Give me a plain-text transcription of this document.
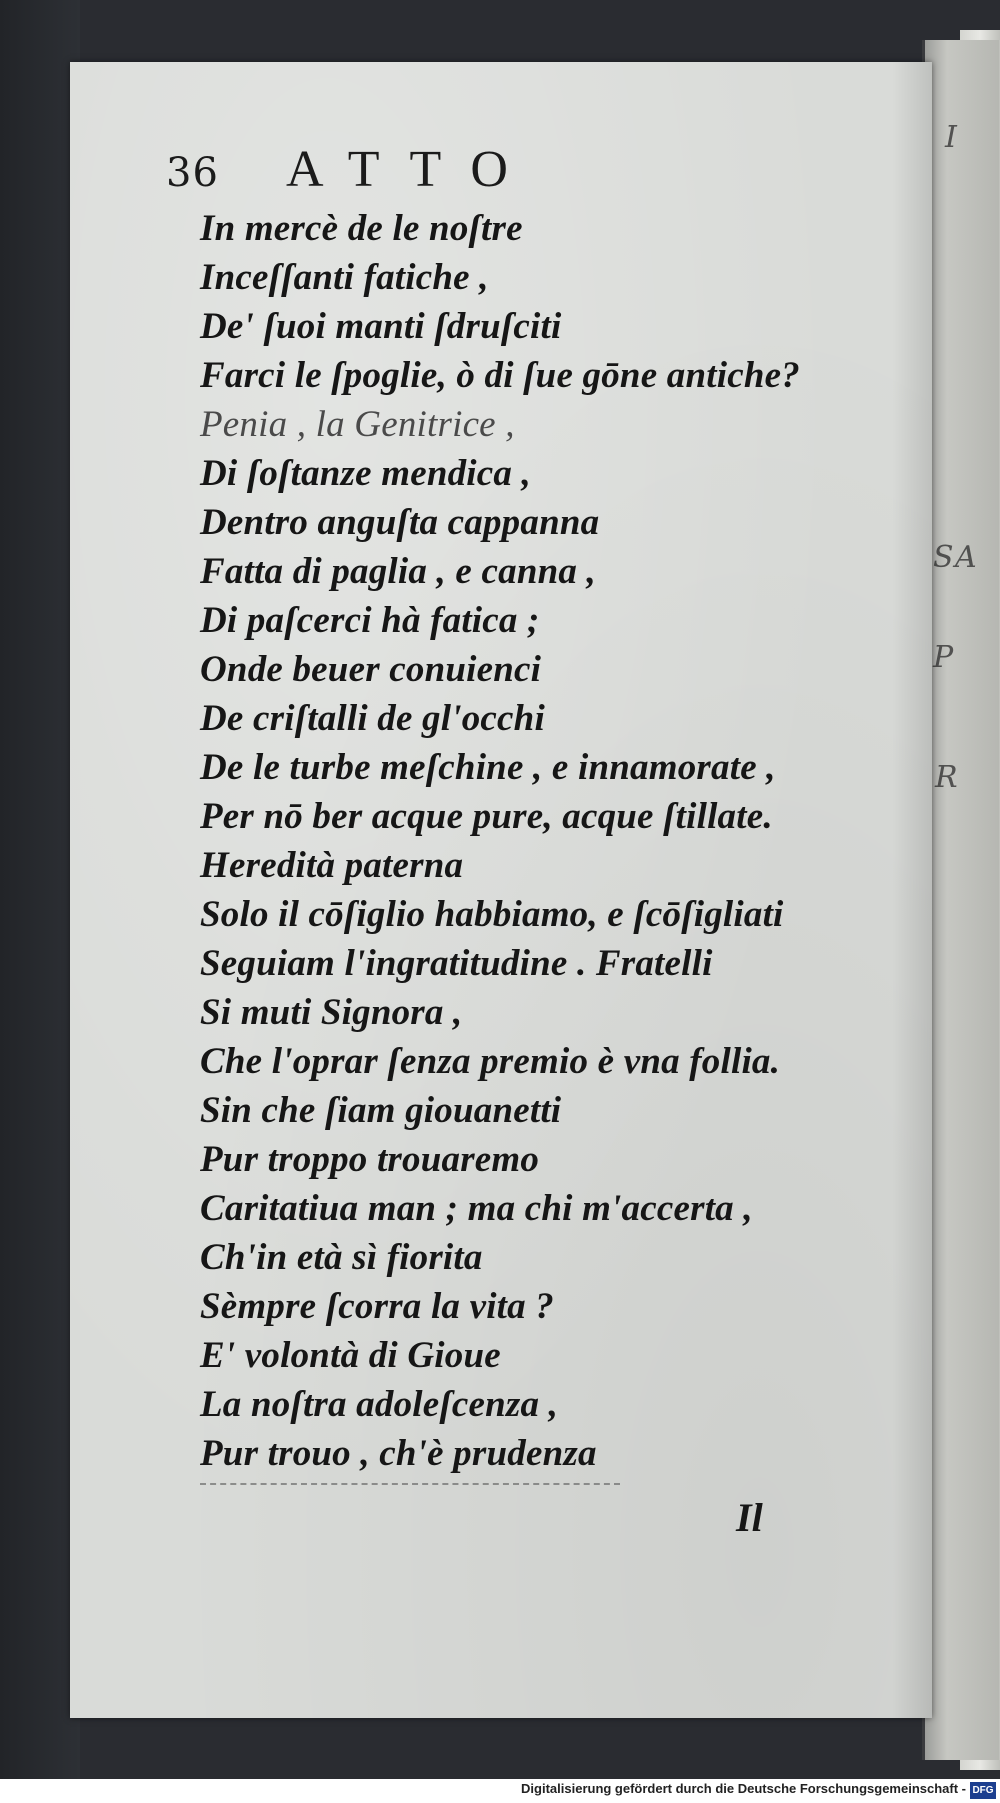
I
S A
P
R
36 ATTO
In mercè de le noſtre
Inceſſanti fatiche ,
De' ſuoi manti ſdruſciti
Farci le ſpoglie, ò di ſue gōne antiche?
Penia , la Genitrice ,
Di ſoſtanze mendica ,
Dentro anguſta cappanna
Fatta di paglia , e canna ,
Di paſcerci hà fatica ;
Onde beuer conuienci
De criſtalli de gl'occhi
De le turbe meſchine , e innamorate ,
Per nō ber acque pure, acque ſtillate.
Heredità paterna
Solo il cōſiglio habbiamo, e ſcōſigliati
Seguiam l'ingratitudine . Fratelli
Si muti Signora ,
Che l'oprar ſenza premio è vna follia.
Sin che ſiam giouanetti
Pur troppo trouaremo
Caritatiua man ; ma chi m'accerta ,
Ch'in età sì fiorita
Sèmpre ſcorra la vita ?
E' volontà di Gioue
La noſtra adoleſcenza ,
Pur trouo , ch'è prudenza
Il
Digitalisierung gefördert durch die Deutsche Forschungsgemeinschaft - DFG
